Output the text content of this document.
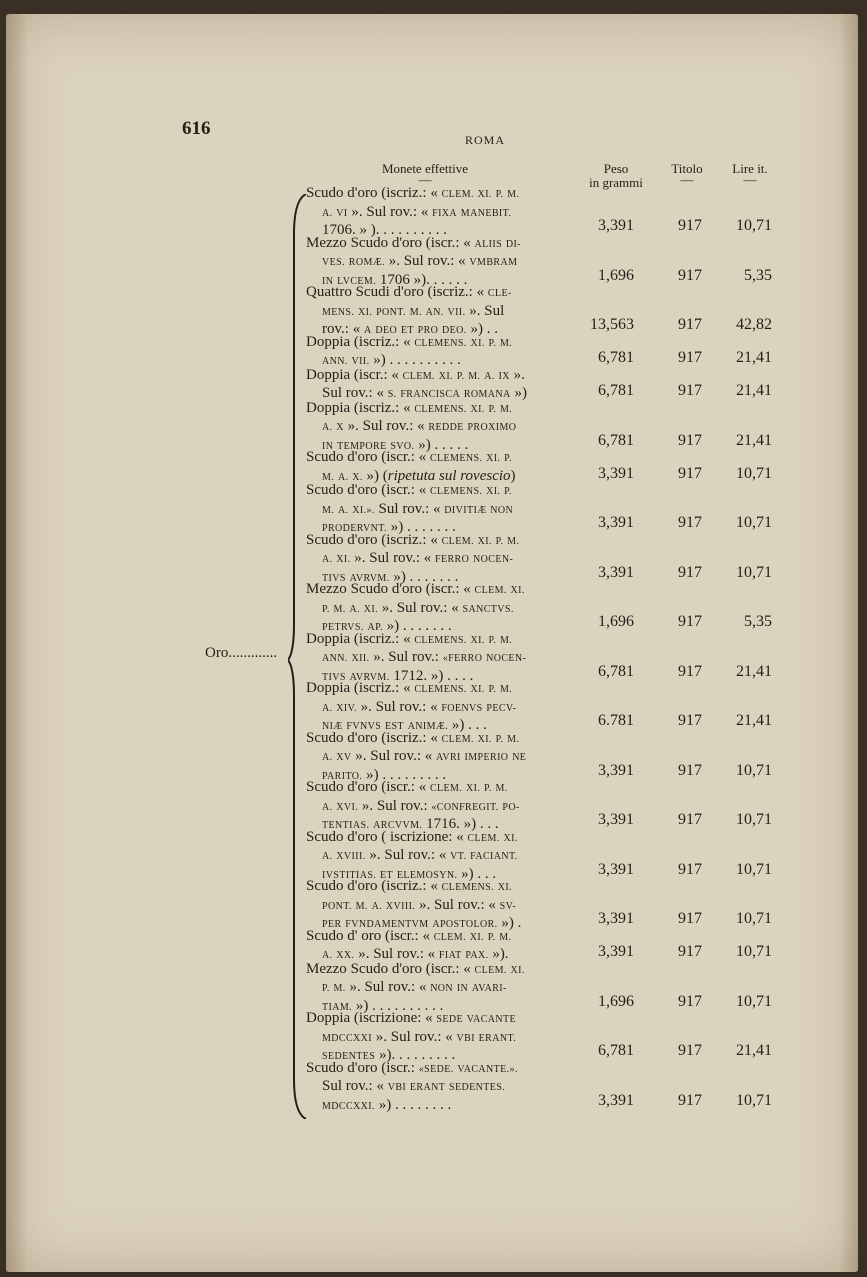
616
ROMA
Monete effettive
—
Peso
in grammi
Titolo
—
Lire it.
—
Oro.............
Scudo d'oro (iscriz.: « CLEM. XI. P. M.
A. VI ». Sul rov.: « FIXA MANEBIT.
1706. » ). . . . . . . . . .	3,391	917	10,71
Mezzo Scudo d'oro (iscr.: « ALIIS DI-
VES. ROMÆ. ». Sul rov.: « VMBRAM
IN LVCEM. 1706 »). . . . . .	1,696	917	5,35
Quattro Scudi d'oro (iscriz.: « CLE-
MENS. XI. PONT. M. AN. VII. ». Sul
rov.: « A DEO ET PRO DEO. ») . .	13,563	917	42,82
Doppia (iscriz.: « CLEMENS. XI. P. M.
ANN. VII. ») . . . . . . . . . .	6,781	917	21,41
Doppia (iscr.: « CLEM. XI. P. M. A. IX ».
Sul rov.: « S. FRANCISCA ROMANA »)	6,781	917	21,41
Doppia (iscriz.: « CLEMENS. XI. P. M.
A. X ». Sul rov.: « REDDE PROXIMO
IN TEMPORE SVO. ») . . . . .	6,781	917	21,41
Scudo d'oro (iscr.: « CLEMENS. XI. P.
M. A. X. ») (ripetuta sul rovescio)	3,391	917	10,71
Scudo d'oro (iscr.: « CLEMENS. XI. P.
M. A. XI.». Sul rov.: « DIVITIÆ NON
PRODERVNT. ») . . . . . . .	3,391	917	10,71
Scudo d'oro (iscriz.: « CLEM. XI. P. M.
A. XI. ». Sul rov.: « FERRO NOCEN-
TIVS AVRVM. ») . . . . . . .	3,391	917	10,71
Mezzo Scudo d'oro (iscr.: « CLEM. XI.
P. M. A. XI. ». Sul rov.: « SANCTVS.
PETRVS. AP. ») . . . . . . .	1,696	917	5,35
Doppia (iscriz.: « CLEMENS. XI. P. M.
ANN. XII. ». Sul rov.: «FERRO NOCEN-
TIVS AVRVM. 1712. ») . . . .	6,781	917	21,41
Doppia (iscriz.: « CLEMENS. XI. P. M.
A. XIV. ». Sul rov.: « FOENVS PECV-
NIÆ FVNVS EST ANIMÆ. ») . . .	6.781	917	21,41
Scudo d'oro (iscriz.: « CLEM. XI. P. M.
A. XV ». Sul rov.: « AVRI IMPERIO NE
PARITO. ») . . . . . . . . .	3,391	917	10,71
Scudo d'oro (iscr.: « CLEM. XI. P. M.
A. XVI. ». Sul rov.: «CONFREGIT. PO-
TENTIAS. ARCVVM. 1716. ») . . .	3,391	917	10,71
Scudo d'oro ( iscrizione: « CLEM. XI.
A. XVIII. ». Sul rov.: « VT. FACIANT.
IVSTITIAS. ET ELEMOSYN. ») . . .	3,391	917	10,71
Scudo d'oro (iscriz.: « CLEMENS. XI.
PONT. M. A. XVIII. ». Sul rov.: « SV-
PER FVNDAMENTVM APOSTOLOR. ») .	3,391	917	10,71
Scudo d' oro (iscr.: « CLEM. XI. P. M.
A. XX. ». Sul rov.: « FIAT PAX. »).	3,391	917	10,71
Mezzo Scudo d'oro (iscr.: « CLEM. XI.
P. M. ». Sul rov.: « NON IN AVARI-
TIAM. ») . . . . . . . . . .	1,696	917	10,71
Doppia (iscrizione: « SEDE VACANTE
MDCCXXI ». Sul rov.: « VBI ERANT.
SEDENTES »). . . . . . . . .	6,781	917	21,41
Scudo d'oro (iscr.: «SEDE. VACANTE.».
Sul rov.: « VBI ERANT SEDENTES.
MDCCXXI. ») . . . . . . . .	3,391	917	10,71
